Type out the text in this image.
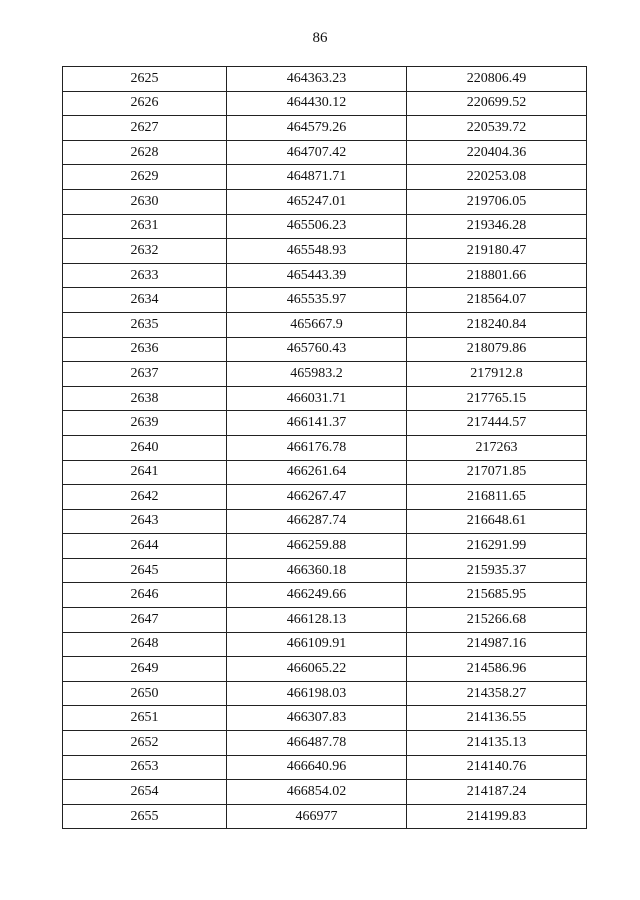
86
2625	464363.23	220806.49
2626	464430.12	220699.52
2627	464579.26	220539.72
2628	464707.42	220404.36
2629	464871.71	220253.08
2630	465247.01	219706.05
2631	465506.23	219346.28
2632	465548.93	219180.47
2633	465443.39	218801.66
2634	465535.97	218564.07
2635	465667.9	218240.84
2636	465760.43	218079.86
2637	465983.2	217912.8
2638	466031.71	217765.15
2639	466141.37	217444.57
2640	466176.78	217263
2641	466261.64	217071.85
2642	466267.47	216811.65
2643	466287.74	216648.61
2644	466259.88	216291.99
2645	466360.18	215935.37
2646	466249.66	215685.95
2647	466128.13	215266.68
2648	466109.91	214987.16
2649	466065.22	214586.96
2650	466198.03	214358.27
2651	466307.83	214136.55
2652	466487.78	214135.13
2653	466640.96	214140.76
2654	466854.02	214187.24
2655	466977	214199.83
